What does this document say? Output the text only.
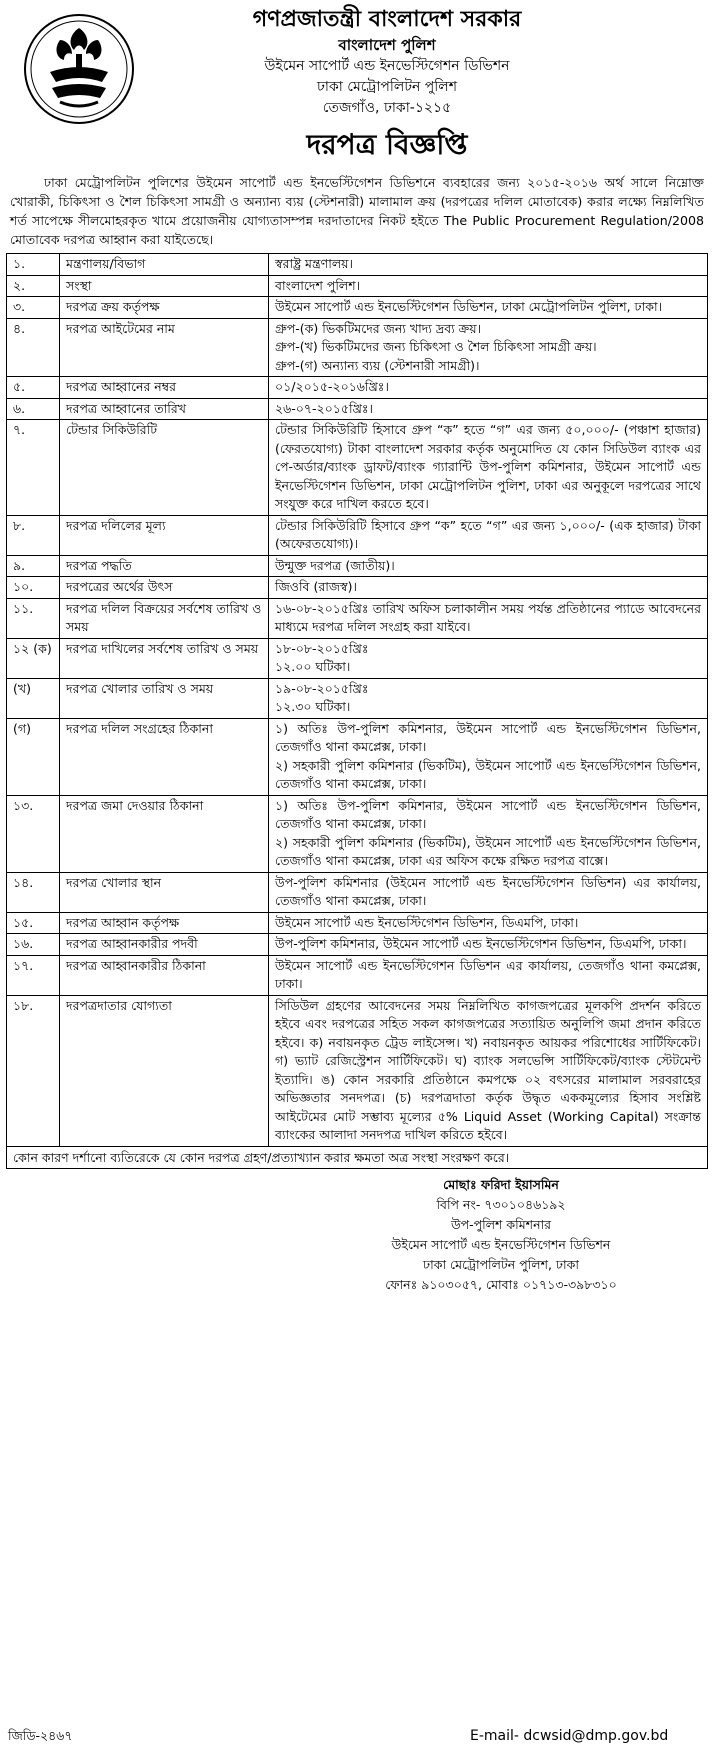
গণপ্রজাতন্ত্রী বাংলাদেশ সরকার
বাংলাদেশ পুলিশ
উইমেন সাপোর্ট এন্ড ইনভেস্টিগেশন ডিভিশন
ঢাকা মেট্রোপলিটন পুলিশ
তেজগাঁও, ঢাকা-১২১৫
দরপত্র বিজ্ঞপ্তি
ঢাকা মেট্রোপলিটন পুলিশের উইমেন সাপোর্ট এন্ড ইনভেস্টিগেশন ডিভিশনে ব্যবহারের জন্য ২০১৫-২০১৬ অর্থ সালে নিম্নোক্ত খোরাকী, চিকিৎসা ও শৈল চিকিৎসা সামগ্রী ও অন্যান্য ব্যয় (স্টেশনারী) মালামাল ক্রয় (দরপত্রের দলিল মোতাবেক) করার লক্ষ্যে নিম্নলিখিত শর্ত সাপেক্ষে সীলমোহরকৃত খামে প্রয়োজনীয় যোগ্যতাসম্পন্ন দরদাতাদের নিকট হইতে The Public Procurement Regulation/2008 মোতাবেক দরপত্র আহ্বান করা যাইতেছে।
১.	মন্ত্রণালয়/বিভাগ	স্বরাষ্ট্র মন্ত্রণালয়।

২.	সংস্থা	বাংলাদেশ পুলিশ।

৩.	দরপত্র ক্রয় কর্তৃপক্ষ	উইমেন সাপোর্ট এন্ড ইনভেস্টিগেশন ডিভিশন, ঢাকা মেট্রোপলিটন পুলিশ, ঢাকা।

৪.	দরপত্র আইটেমের নাম	গ্রুপ-(ক) ভিকটিমদের জন্য খাদ্য দ্রব্য ক্রয়।
গ্রুপ-(খ) ভিকটিমদের জন্য চিকিৎসা ও শৈল চিকিৎসা সামগ্রী ক্রয়।
গ্রুপ-(গ) অন্যান্য ব্যয় (স্টেশনারী সামগ্রী)।

৫.	দরপত্র আহ্বানের নম্বর	০১/২০১৫-২০১৬খ্রিঃ।

৬.	দরপত্র আহ্বানের তারিখ	২৬-০৭-২০১৫খ্রিঃ।

৭.	টেন্ডার সিকিউরিটি	টেন্ডার সিকিউরিটি হিসাবে গ্রুপ “ক” হতে “গ” এর জন্য ৫০,০০০/- (পঞ্চাশ হাজার) (ফেরতযোগ্য) টাকা বাংলাদেশ সরকার কর্তৃক অনুমোদিত যে কোন সিডিউল ব্যাংক এর পে-অর্ডার/ব্যাংক ড্রাফট/ব্যাংক গ্যারান্টি উপ-পুলিশ কমিশনার, উইমেন সাপোর্ট এন্ড ইনভেস্টিগেশন ডিভিশন, ঢাকা মেট্রোপলিটন পুলিশ, ঢাকা এর অনুকূলে দরপত্রের সাথে সংযুক্ত করে দাখিল করতে হবে।

৮.	দরপত্র দলিলের মূল্য	টেন্ডার সিকিউরিটি হিসাবে গ্রুপ “ক” হতে “গ” এর জন্য ১,০০০/- (এক হাজার) টাকা (অফেরতযোগ্য)।

৯.	দরপত্র পদ্ধতি	উন্মুক্ত দরপত্র (জাতীয়)।

১০.	দরপত্রের অর্থের উৎস	জিওবি (রাজস্ব)।

১১.	দরপত্র দলিল বিক্রয়ের সর্বশেষ তারিখ ও সময়	১৬-০৮-২০১৫খ্রিঃ তারিখ অফিস চলাকালীন সময় পর্যন্ত প্রতিষ্ঠানের প্যাডে আবেদনের মাধ্যমে দরপত্র দলিল সংগ্রহ করা যাইবে।

১২ (ক)	দরপত্র দাখিলের সর্বশেষ তারিখ ও সময়	১৮-০৮-২০১৫খ্রিঃ
১২.০০ ঘটিকা।

(খ)	দরপত্র খোলার তারিখ ও সময়	১৯-০৮-২০১৫খ্রিঃ
১২.৩০ ঘটিকা।

(গ)	দরপত্র দলিল সংগ্রহের ঠিকানা	১) অতিঃ উপ-পুলিশ কমিশনার, উইমেন সাপোর্ট এন্ড ইনভেস্টিগেশন ডিভিশন, তেজগাঁও থানা কমপ্লেক্স, ঢাকা।
২) সহকারী পুলিশ কমিশনার (ভিকটিম), উইমেন সাপোর্ট এন্ড ইনভেস্টিগেশন ডিভিশন, তেজগাঁও থানা কমপ্লেক্স, ঢাকা।

১৩.	দরপত্র জমা দেওয়ার ঠিকানা	১) অতিঃ উপ-পুলিশ কমিশনার, উইমেন সাপোর্ট এন্ড ইনভেস্টিগেশন ডিভিশন, তেজগাঁও থানা কমপ্লেক্স, ঢাকা।
২) সহকারী পুলিশ কমিশনার (ভিকটিম), উইমেন সাপোর্ট এন্ড ইনভেস্টিগেশন ডিভিশন, তেজগাঁও থানা কমপ্লেক্স, ঢাকা এর অফিস কক্ষে রক্ষিত দরপত্র বাক্সে।

১৪.	দরপত্র খোলার স্থান	উপ-পুলিশ কমিশনার (উইমেন সাপোর্ট এন্ড ইনভেস্টিগেশন ডিভিশন) এর কার্যালয়, তেজগাঁও থানা কমপ্লেক্স, ঢাকা।

১৫.	দরপত্র আহ্বান কর্তৃপক্ষ	উইমেন সাপোর্ট এন্ড ইনভেস্টিগেশন ডিভিশন, ডিএমপি, ঢাকা।

১৬.	দরপত্র আহ্বানকারীর পদবী	উপ-পুলিশ কমিশনার, উইমেন সাপোর্ট এন্ড ইনভেস্টিগেশন ডিভিশন, ডিএমপি, ঢাকা।

১৭.	দরপত্র আহ্বানকারীর ঠিকানা	উইমেন সাপোর্ট এন্ড ইনভেস্টিগেশন ডিভিশন এর কার্যালয়, তেজগাঁও থানা কমপ্লেক্স, ঢাকা।

১৮.	দরপত্রদাতার যোগ্যতা	সিডিউল গ্রহণের আবেদনের সময় নিম্নলিখিত কাগজপত্রের মূলকপি প্রদর্শন করিতে হইবে এবং দরপত্রের সহিত সকল কাগজপত্রের সত্যায়িত অনুলিপি জমা প্রদান করিতে হইবে। ক) নবায়নকৃত ট্রেড লাইসেন্স। খ) নবায়নকৃত আয়কর পরিশোধের সার্টিফিকেট। গ) ভ্যাট রেজিস্ট্রেশন সার্টিফিকেট। ঘ) ব্যাংক সলভেন্সি সার্টিফিকেট/ব্যাংক স্টেটমেন্ট ইত্যাদি। ঙ) কোন সরকারি প্রতিষ্ঠানে কমপক্ষে ০২ বৎসরের মালামাল সরবরাহের অভিজ্ঞতার সনদপত্র। (চ) দরপত্রদাতা কর্তৃক উদ্ধৃত এককমূল্যের হিসাব সংশ্লিষ্ট আইটেমের মোট সম্ভাব্য মূল্যের ৫% Liquid Asset (Working Capital) সংক্রান্ত ব্যাংকের আলাদা সনদপত্র দাখিল করিতে হইবে।
কোন কারণ দর্শানো ব্যতিরেকে যে কোন দরপত্র গ্রহণ/প্রত্যাখ্যান করার ক্ষমতা অত্র সংস্থা সংরক্ষণ করে।
মোছাঃ ফরিদা ইয়াসমিন
বিপি নং- ৭৩০১০৪৬১৯২
উপ-পুলিশ কমিশনার
উইমেন সাপোর্ট এন্ড ইনভেস্টিগেশন ডিভিশন
ঢাকা মেট্রোপলিটন পুলিশ, ঢাকা
ফোনঃ ৯১০৩০৫৭, মোবাঃ ০১৭১৩-৩৯৮৩১০
জিডি-২৪৬৭	E-mail- dcwsid@dmp.gov.bd
